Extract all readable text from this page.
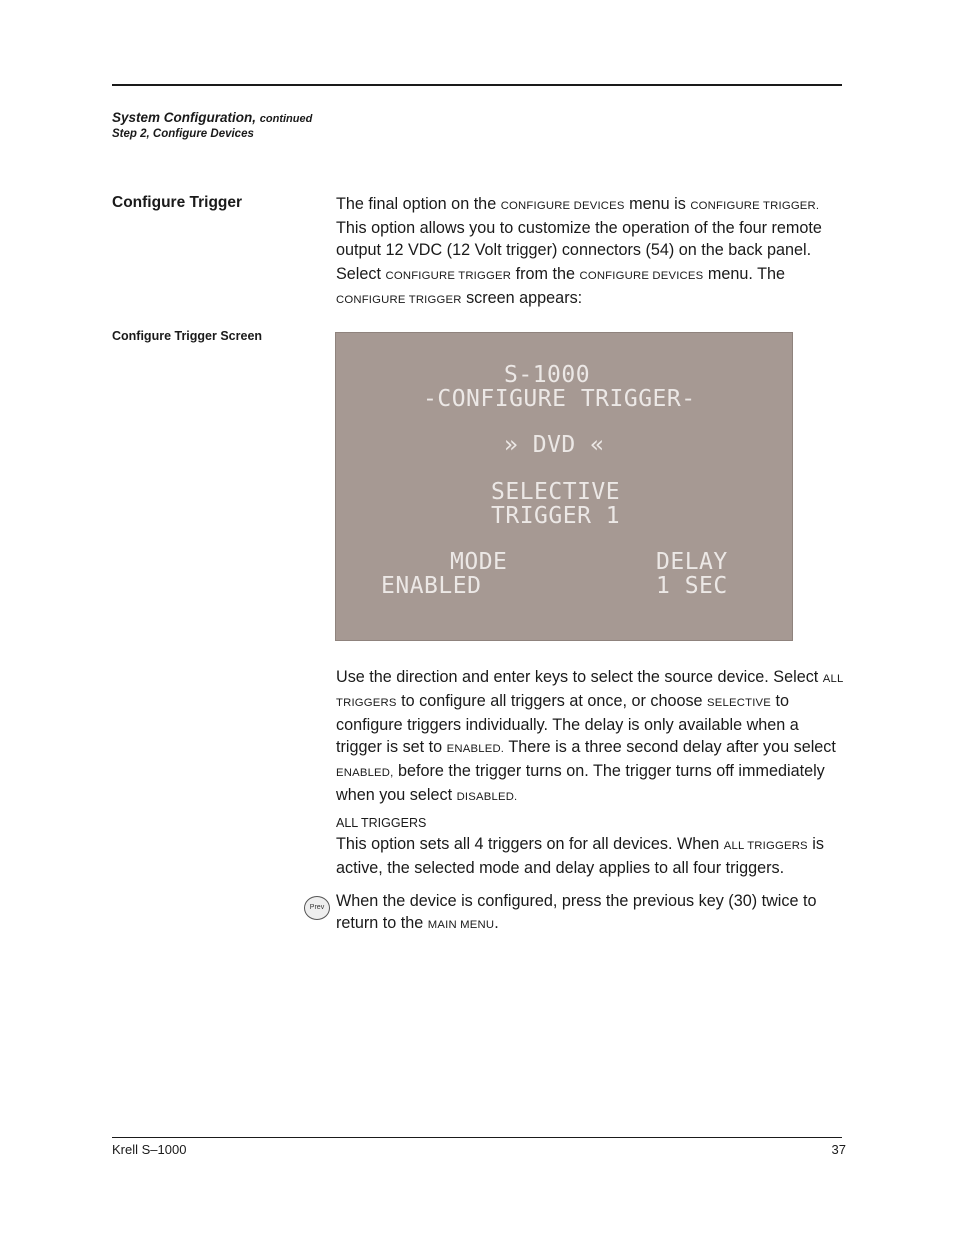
System Configuration, continued
Step 2, Configure Devices
Configure Trigger	The final option on the CONFIGURE DEVICES menu is CONFIGURE TRIGGER. This option allows you to customize the operation of the four remote output 12 VDC (12 Volt trigger) connectors (54) on the back panel.

Select CONFIGURE TRIGGER from the CONFIGURE DEVICES menu. The CONFIGURE TRIGGER screen appears:

Configure Trigger Screen
S-1000
-CONFIGURE TRIGGER-
» DVD «
SELECTIVE
TRIGGER 1
MODE
ENABLED
DELAY
1 SEC

Use the direction and enter keys to select the source device. Select ALL TRIGGERS to configure all triggers at once, or choose SELECTIVE to configure triggers individually. The delay is only available when a trigger is set to ENABLED. There is a three second delay after you select ENABLED, before the trigger turns on. The trigger turns off immediately when you select DISABLED.

ALL TRIGGERS

This option sets all 4 triggers on for all devices. When ALL TRIGGERS is active, the selected mode and delay applies to all four triggers.

Prev When the device is configured, press the previous key (30) twice to return to the MAIN MENU.

Krell S–1000	37
